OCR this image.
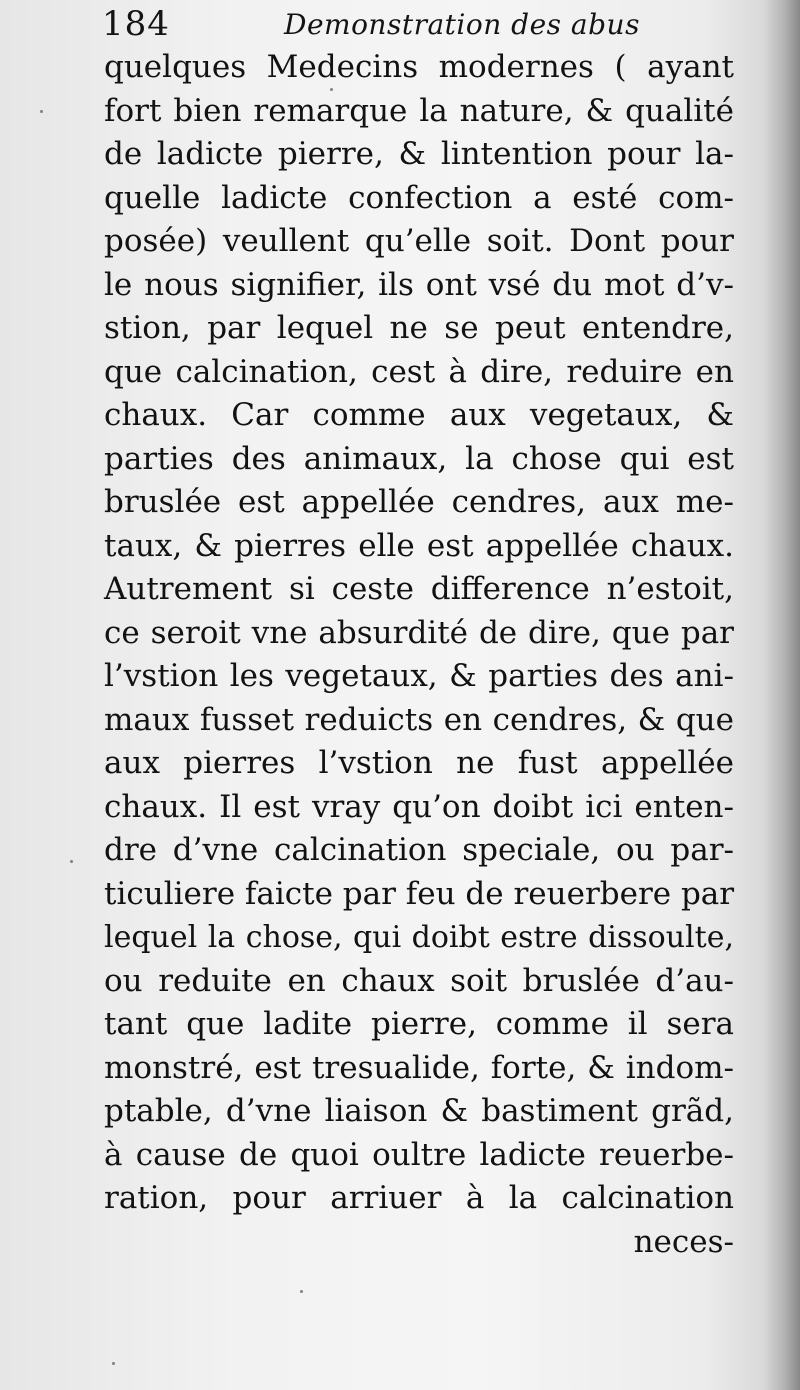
184	Demonstration des abus
quelques Medecins modernes ( ayant
fort bien remarque la nature, & qualité
de ladicte pierre, & lintention pour la-
quelle ladicte confection a esté com-
posée) veullent qu’elle soit. Dont pour
le nous signifier, ils ont vsé du mot d’v-
stion, par lequel ne se peut entendre,
que calcination, cest à dire, reduire en
chaux. Car comme aux vegetaux, &
parties des animaux, la chose qui est
bruslée est appellée cendres, aux me-
taux, & pierres elle est appellée chaux.
Autrement si ceste difference n’estoit,
ce seroit vne absurdité de dire, que par
l’vstion les vegetaux, & parties des ani-
maux fusset reduicts en cendres, & que
aux pierres l’vstion ne fust appellée
chaux. Il est vray qu’on doibt ici enten-
dre d’vne calcination speciale, ou par-
ticuliere faicte par feu de reuerbere par
lequel la chose, qui doibt estre dissoulte,
ou reduite en chaux soit bruslée d’au-
tant que ladite pierre, comme il sera
monstré, est tresualide, forte, & indom-
ptable, d’vne liaison & bastiment grãd,
à cause de quoi oultre ladicte reuerbe-
ration, pour arriuer à la calcination
neces-
